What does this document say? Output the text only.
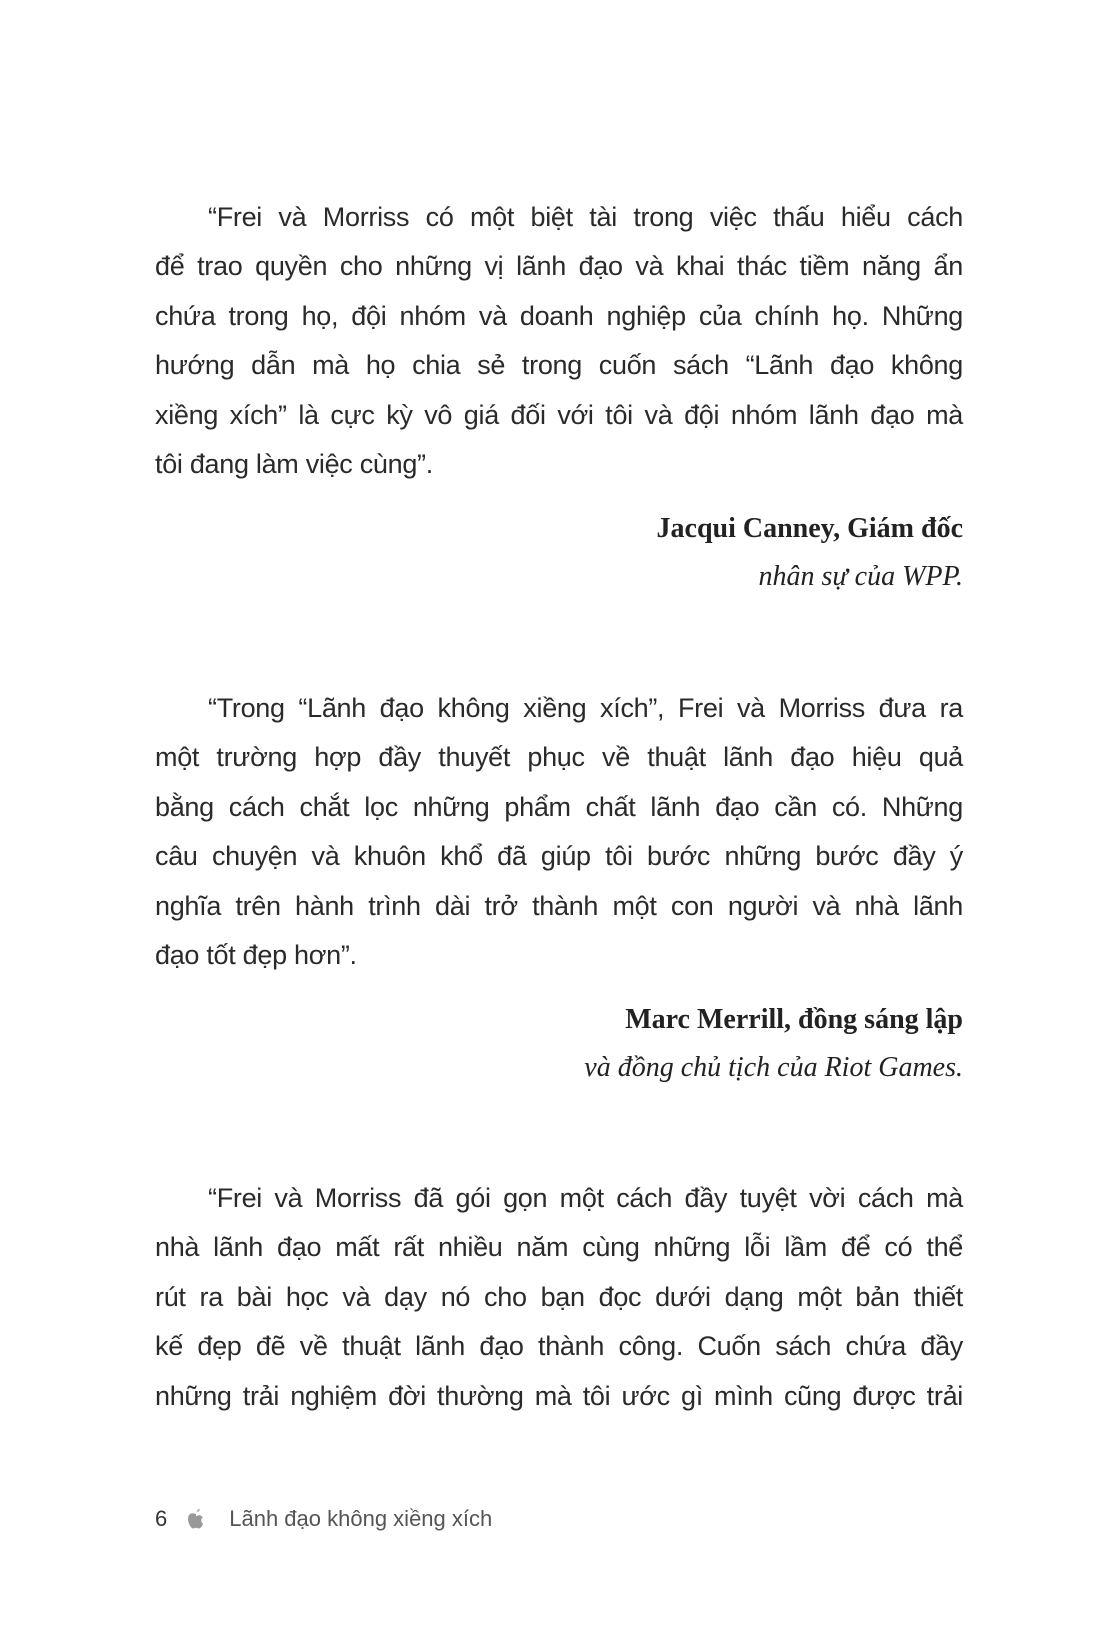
“Frei và Morriss có một biệt tài trong việc thấu hiểu cách
để trao quyền cho những vị lãnh đạo và khai thác tiềm năng ẩn
chứa trong họ, đội nhóm và doanh nghiệp của chính họ. Những
hướng dẫn mà họ chia sẻ trong cuốn sách “Lãnh đạo không
xiềng xích” là cực kỳ vô giá đối với tôi và đội nhóm lãnh đạo mà
tôi đang làm việc cùng”.
Jacqui Canney, Giám đốc
nhân sự của WPP.
“Trong “Lãnh đạo không xiềng xích”, Frei và Morriss đưa ra
một trường hợp đầy thuyết phục về thuật lãnh đạo hiệu quả
bằng cách chắt lọc những phẩm chất lãnh đạo cần có. Những
câu chuyện và khuôn khổ đã giúp tôi bước những bước đầy ý
nghĩa trên hành trình dài trở thành một con người và nhà lãnh
đạo tốt đẹp hơn”.
Marc Merrill, đồng sáng lập
và đồng chủ tịch của Riot Games.
“Frei và Morriss đã gói gọn một cách đầy tuyệt vời cách mà
nhà lãnh đạo mất rất nhiều năm cùng những lỗi lầm để có thể
rút ra bài học và dạy nó cho bạn đọc dưới dạng một bản thiết
kế đẹp đẽ về thuật lãnh đạo thành công. Cuốn sách chứa đầy
những trải nghiệm đời thường mà tôi ước gì mình cũng được trải
6	Lãnh đạo không xiềng xích
